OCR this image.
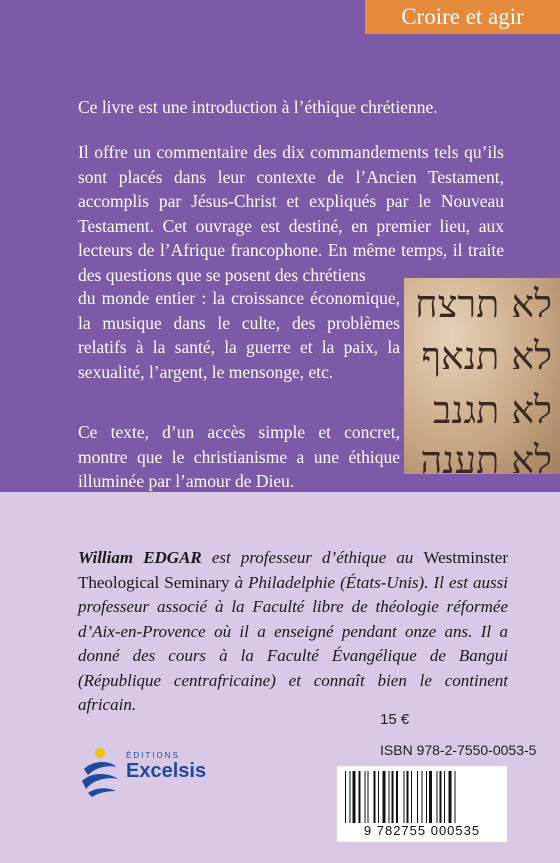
Croire et agir

Ce livre est une introduction à l’éthique chrétienne.

Il offre un commentaire des dix commandements tels qu’ils sont placés dans leur contexte de l’Ancien Testament, accomplis par Jésus-Christ et expliqués par le Nouveau Testament. Cet ouvrage est destiné, en premier lieu, aux lecteurs de l’Afrique francophone. En même temps, il traite des questions que se posent des chrétiens

du monde entier : la croissance économique, la musique dans le culte, des problèmes relatifs à la santé, la guerre et la paix, la sexualité, l’argent, le mensonge, etc.

Ce texte, d’un accès simple et concret, montre que le christianisme a une éthique illuminée par l’amour de Dieu.

לא תרצח
לא תנאף
לא תגנב
לא תענה

William EDGAR est professeur d’éthique au Westminster Theological Seminary à Philadelphie (États-Unis). Il est aussi professeur associé à la Faculté libre de théologie réformée d’Aix-en-Provence où il a enseigné pendant onze ans. Il a donné des cours à la Faculté Évangélique de Bangui (République centrafricaine) et connaît bien le continent africain.

15 €
ISBN 978-2-7550-0053-5
ÉDITIONS
Excelsis
9 782755 000535
